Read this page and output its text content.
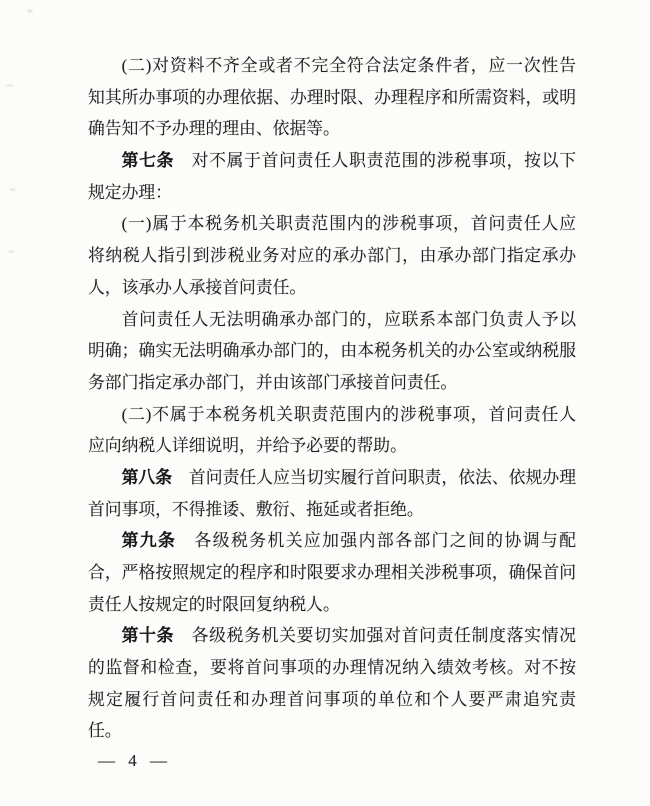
(二)对资料不齐全或者不完全符合法定条件者，应一次性告
知其所办事项的办理依据、办理时限、办理程序和所需资料，或明
确告知不予办理的理由、依据等。
第七条　对不属于首问责任人职责范围的涉税事项，按以下
规定办理：
(一)属于本税务机关职责范围内的涉税事项，首问责任人应
将纳税人指引到涉税业务对应的承办部门，由承办部门指定承办
人，该承办人承接首问责任。
首问责任人无法明确承办部门的，应联系本部门负责人予以
明确；确实无法明确承办部门的，由本税务机关的办公室或纳税服
务部门指定承办部门，并由该部门承接首问责任。
(二)不属于本税务机关职责范围内的涉税事项，首问责任人
应向纳税人详细说明，并给予必要的帮助。
第八条　首问责任人应当切实履行首问职责，依法、依规办理
首问事项，不得推诿、敷衍、拖延或者拒绝。
第九条　各级税务机关应加强内部各部门之间的协调与配
合，严格按照规定的程序和时限要求办理相关涉税事项，确保首问
责任人按规定的时限回复纳税人。
第十条　各级税务机关要切实加强对首问责任制度落实情况
的监督和检查，要将首问事项的办理情况纳入绩效考核。对不按
规定履行首问责任和办理首问事项的单位和个人要严肃追究责
任。
— 4 —
